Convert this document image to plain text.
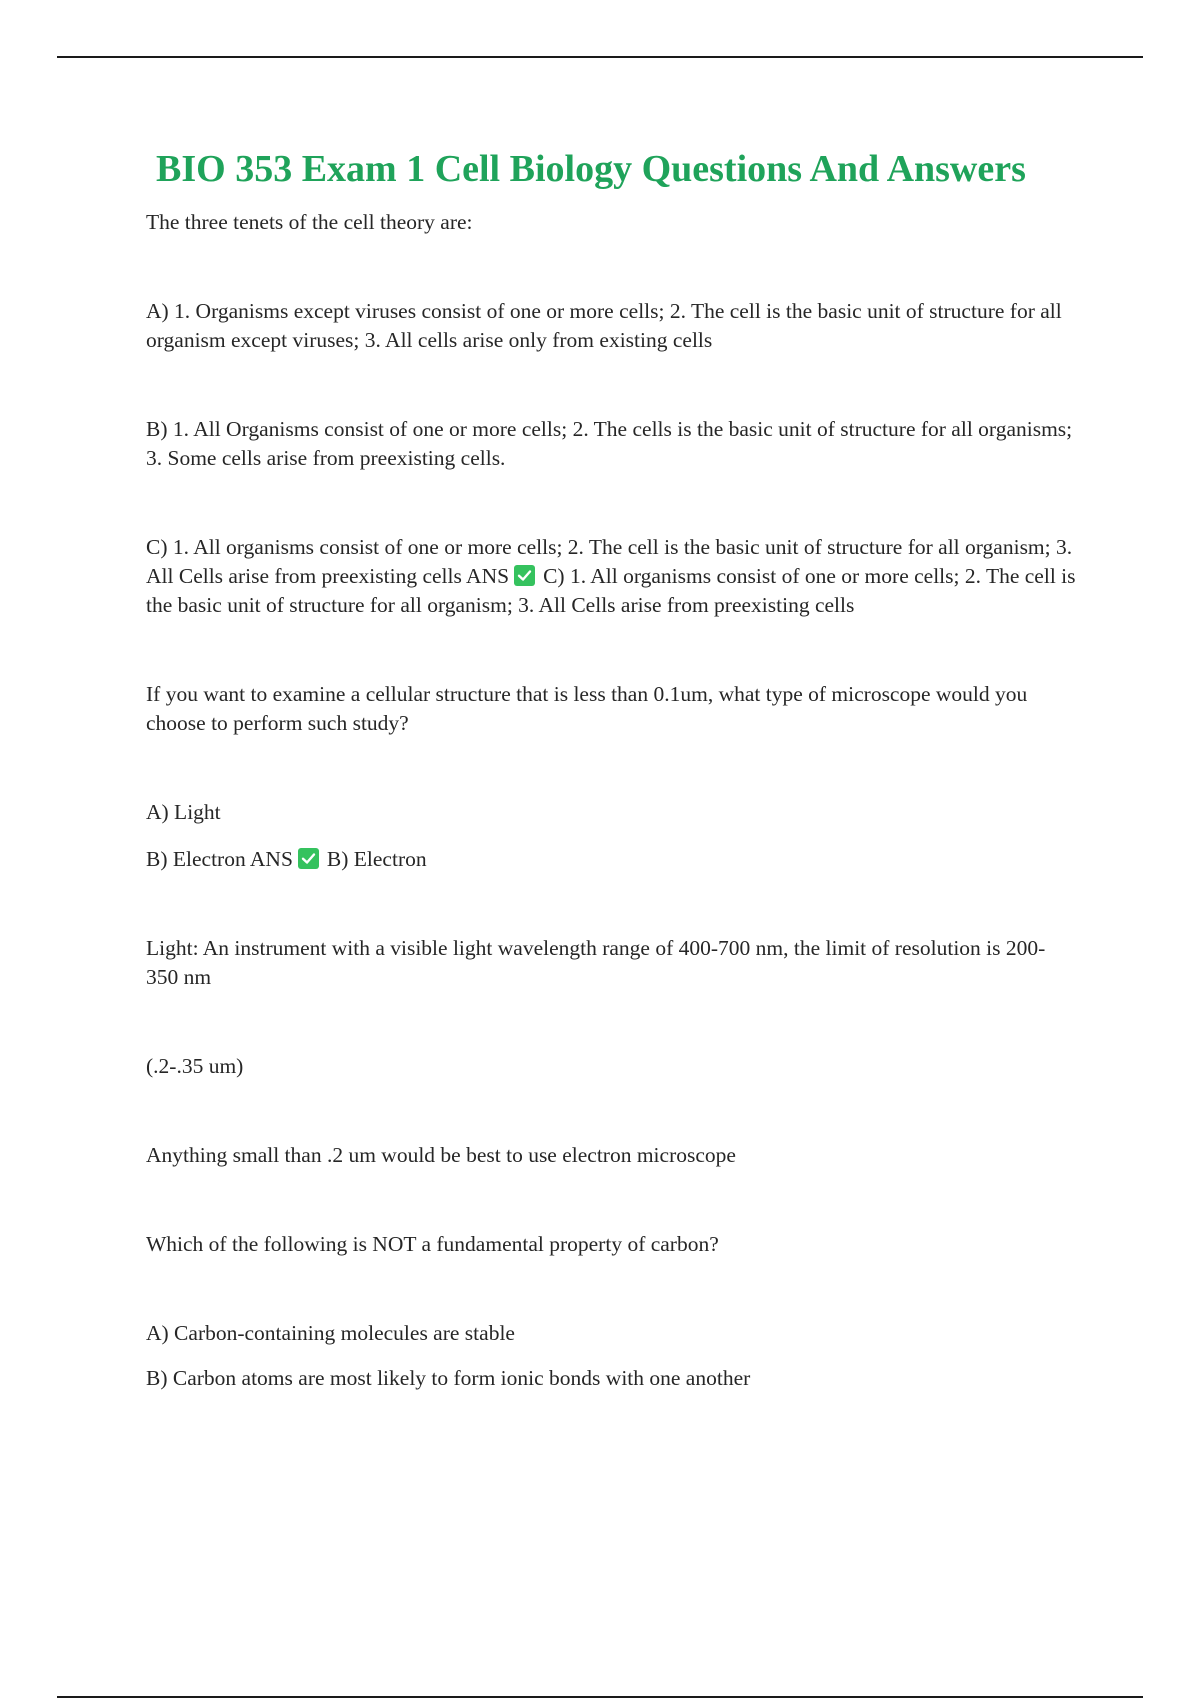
BIO 353 Exam 1 Cell Biology Questions And Answers

The three tenets of the cell theory are:

A) 1. Organisms except viruses consist of one or more cells; 2. The cell is the basic unit of structure for all organism except viruses; 3. All cells arise only from existing cells

B) 1. All Organisms consist of one or more cells; 2. The cells is the basic unit of structure for all organisms; 3. Some cells arise from preexisting cells.

C) 1. All organisms consist of one or more cells; 2. The cell is the basic unit of structure for all organism; 3. All Cells arise from preexisting cells ANS C) 1. All organisms consist of one or more cells; 2. The cell is the basic unit of structure for all organism; 3. All Cells arise from preexisting cells

If you want to examine a cellular structure that is less than 0.1um, what type of microscope would you choose to perform such study?

A) Light

B) Electron ANS B) Electron

Light: An instrument with a visible light wavelength range of 400-700 nm, the limit of resolution is 200-350 nm

(.2-.35 um)

Anything small than .2 um would be best to use electron microscope

Which of the following is NOT a fundamental property of carbon?

A) Carbon-containing molecules are stable

B) Carbon atoms are most likely to form ionic bonds with one another
